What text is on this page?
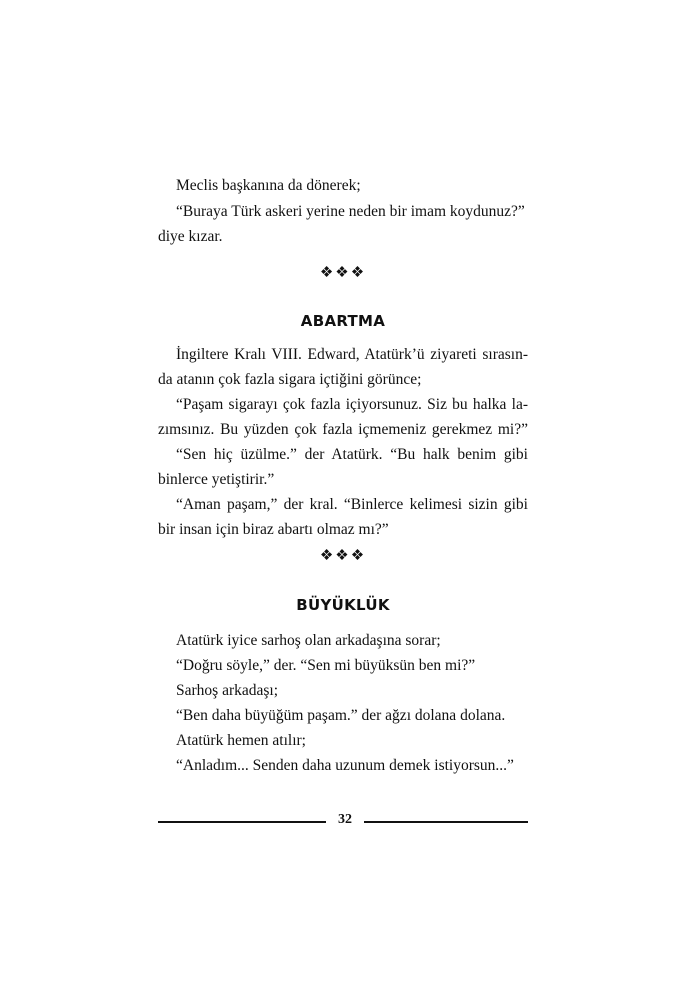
Meclis başkanına da dönerek;
“Buraya Türk askeri yerine neden bir imam koydunuz?”
diye kızar.
❖❖❖
ABARTMA
İngiltere Kralı VIII. Edward, Atatürk’ü ziyareti sırasın-
da atanın çok fazla sigara içtiğini görünce;
“Paşam sigarayı çok fazla içiyorsunuz. Siz bu halka la-
zımsınız. Bu yüzden çok fazla içmemeniz gerekmez mi?”
“Sen hiç üzülme.” der Atatürk. “Bu halk benim gibi
binlerce yetiştirir.”
“Aman paşam,” der kral. “Binlerce kelimesi sizin gibi
bir insan için biraz abartı olmaz mı?”
❖❖❖
BÜYÜKLÜK
Atatürk iyice sarhoş olan arkadaşına sorar;
“Doğru söyle,” der. “Sen mi büyüksün ben mi?”
Sarhoş arkadaşı;
“Ben daha büyüğüm paşam.” der ağzı dolana dolana.
Atatürk hemen atılır;
“Anladım... Senden daha uzunum demek istiyorsun...”
32
